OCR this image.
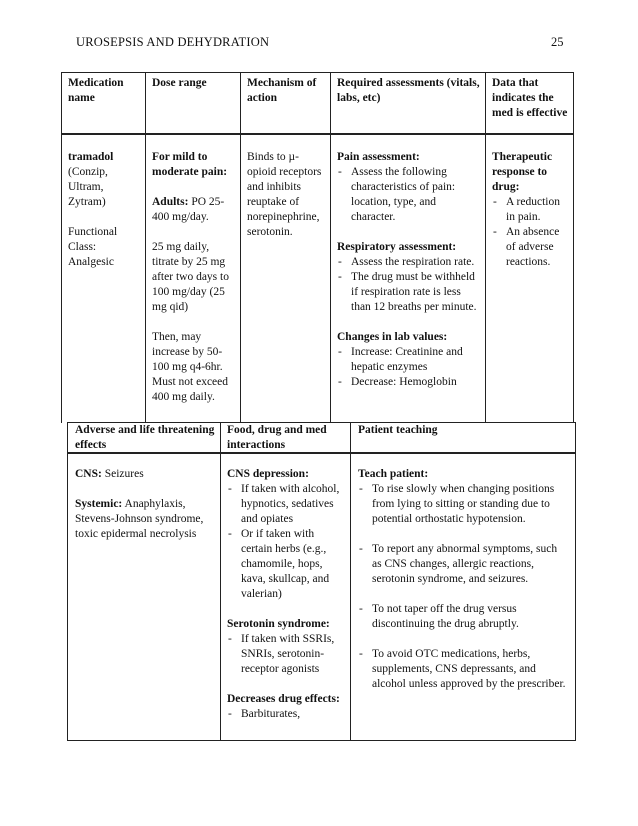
UROSEPSIS AND DEHYDRATION	25
Medication name
Dose range	Mechanism of action
Required assessments (vitals, labs, etc)
Data that indicates the med is effective
tramadol
(Conzip, Ultram, Zytram)
Functional Class: Analgesic
For mild to moderate pain:
Adults: PO 25-400 mg/day.
25 mg daily, titrate by 25 mg after two days to 100 mg/day (25 mg qid)
Then, may increase by 50-100 mg q4-6hr. Must not exceed 400 mg daily.
Binds to µ-opioid receptors and inhibits reuptake of norepinephrine, serotonin.
Pain assessment:
- Assess the following characteristics of pain: location, type, and character.
Respiratory assessment:
- Assess the respiration rate.
- The drug must be withheld if respiration rate is less than 12 breaths per minute.
Changes in lab values:
- Increase: Creatinine and hepatic enzymes
- Decrease: Hemoglobin
Therapeutic response to drug:
- A reduction in pain.
- An absence of adverse reactions.
Adverse and life threatening effects
Food, drug and med interactions
Patient teaching
CNS: Seizures
Systemic: Anaphylaxis, Stevens-Johnson syndrome, toxic epidermal necrolysis
CNS depression:
- If taken with alcohol, hypnotics, sedatives and opiates
- Or if taken with certain herbs (e.g., chamomile, hops, kava, skullcap, and valerian)
Serotonin syndrome:
- If taken with SSRIs, SNRIs, serotonin-receptor agonists
Decreases drug effects:
- Barbiturates,
Teach patient:
- To rise slowly when changing positions from lying to sitting or standing due to potential orthostatic hypotension.
- To report any abnormal symptoms, such as CNS changes, allergic reactions, serotonin syndrome, and seizures.
- To not taper off the drug versus discontinuing the drug abruptly.
- To avoid OTC medications, herbs, supplements, CNS depressants, and alcohol unless approved by the prescriber.
